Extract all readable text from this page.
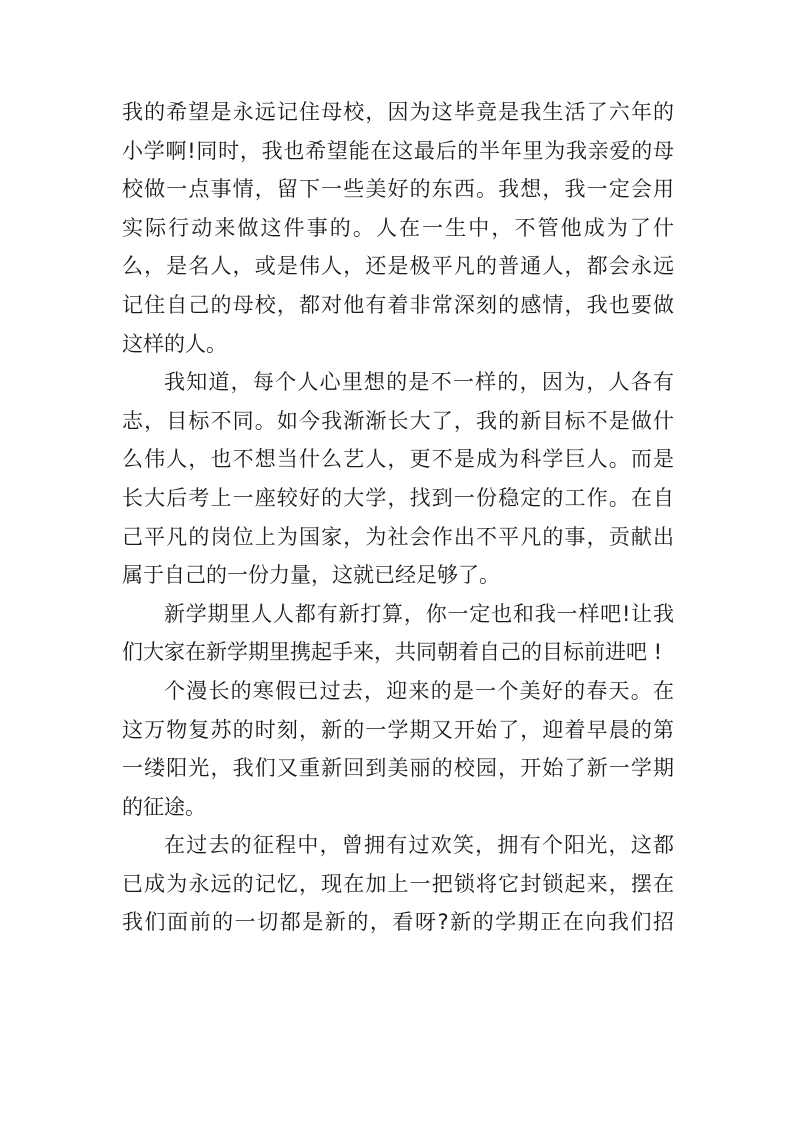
我的希望是永远记住母校，因为这毕竟是我生活了六年的
小学啊!同时，我也希望能在这最后的半年里为我亲爱的母
校做一点事情，留下一些美好的东西。我想，我一定会用
实际行动来做这件事的。人在一生中，不管他成为了什
么，是名人，或是伟人，还是极平凡的普通人，都会永远
记住自己的母校，都对他有着非常深刻的感情，我也要做
这样的人。
我知道，每个人心里想的是不一样的，因为，人各有
志，目标不同。如今我渐渐长大了，我的新目标不是做什
么伟人，也不想当什么艺人，更不是成为科学巨人。而是
长大后考上一座较好的大学，找到一份稳定的工作。在自
己平凡的岗位上为国家，为社会作出不平凡的事，贡献出
属于自己的一份力量，这就已经足够了。
新学期里人人都有新打算，你一定也和我一样吧!让我
们大家在新学期里携起手来，共同朝着自己的目标前进吧 !
个漫长的寒假已过去，迎来的是一个美好的春天。在
这万物复苏的时刻，新的一学期又开始了，迎着早晨的第
一缕阳光，我们又重新回到美丽的校园，开始了新一学期
的征途。
在过去的征程中，曾拥有过欢笑，拥有个阳光，这都
已成为永远的记忆，现在加上一把锁将它封锁起来，摆在
我们面前的一切都是新的，看呀?新的学期正在向我们招
